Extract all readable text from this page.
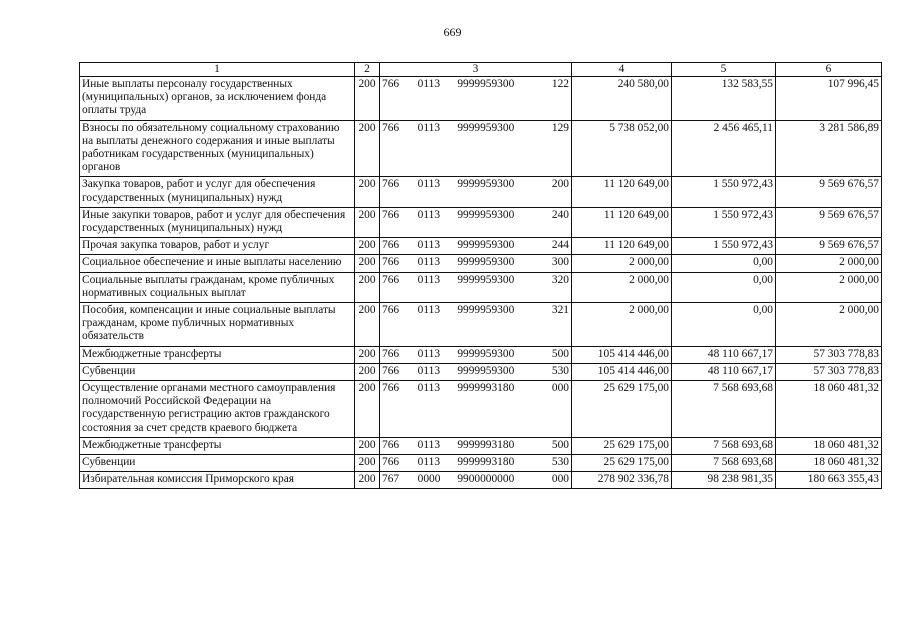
669
1	2	3	4	5	6
Иные выплаты персоналу государственных (муниципальных) органов, за исключением фонда оплаты труда	200	766 0113 9999959300 122	240 580,00	132 583,55	107 996,45
Взносы по обязательному социальному страхованию на выплаты денежного содержания и иные выплаты работникам государственных (муниципальных) органов	200	766 0113 9999959300 129	5 738 052,00	2 456 465,11	3 281 586,89
Закупка товаров, работ и услуг для обеспечения государственных (муниципальных) нужд	200	766 0113 9999959300 200	11 120 649,00	1 550 972,43	9 569 676,57
Иные закупки товаров, работ и услуг для обеспечения государственных (муниципальных) нужд	200	766 0113 9999959300 240	11 120 649,00	1 550 972,43	9 569 676,57
Прочая закупка товаров, работ и услуг	200	766 0113 9999959300 244	11 120 649,00	1 550 972,43	9 569 676,57
Социальное обеспечение и иные выплаты населению	200	766 0113 9999959300 300	2 000,00	0,00	2 000,00
Социальные выплаты гражданам, кроме публичных нормативных социальных выплат	200	766 0113 9999959300 320	2 000,00	0,00	2 000,00
Пособия, компенсации и иные социальные выплаты гражданам, кроме публичных нормативных обязательств	200	766 0113 9999959300 321	2 000,00	0,00	2 000,00
Межбюджетные трансферты	200	766 0113 9999959300 500	105 414 446,00	48 110 667,17	57 303 778,83
Субвенции	200	766 0113 9999959300 530	105 414 446,00	48 110 667,17	57 303 778,83
Осуществление органами местного самоуправления полномочий Российской Федерации на государственную регистрацию актов гражданского состояния за счет средств краевого бюджета	200	766 0113 9999993180 000	25 629 175,00	7 568 693,68	18 060 481,32
Межбюджетные трансферты	200	766 0113 9999993180 500	25 629 175,00	7 568 693,68	18 060 481,32
Субвенции	200	766 0113 9999993180 530	25 629 175,00	7 568 693,68	18 060 481,32
Избирательная комиссия Приморского края	200	767 0000 9900000000 000	278 902 336,78	98 238 981,35	180 663 355,43
